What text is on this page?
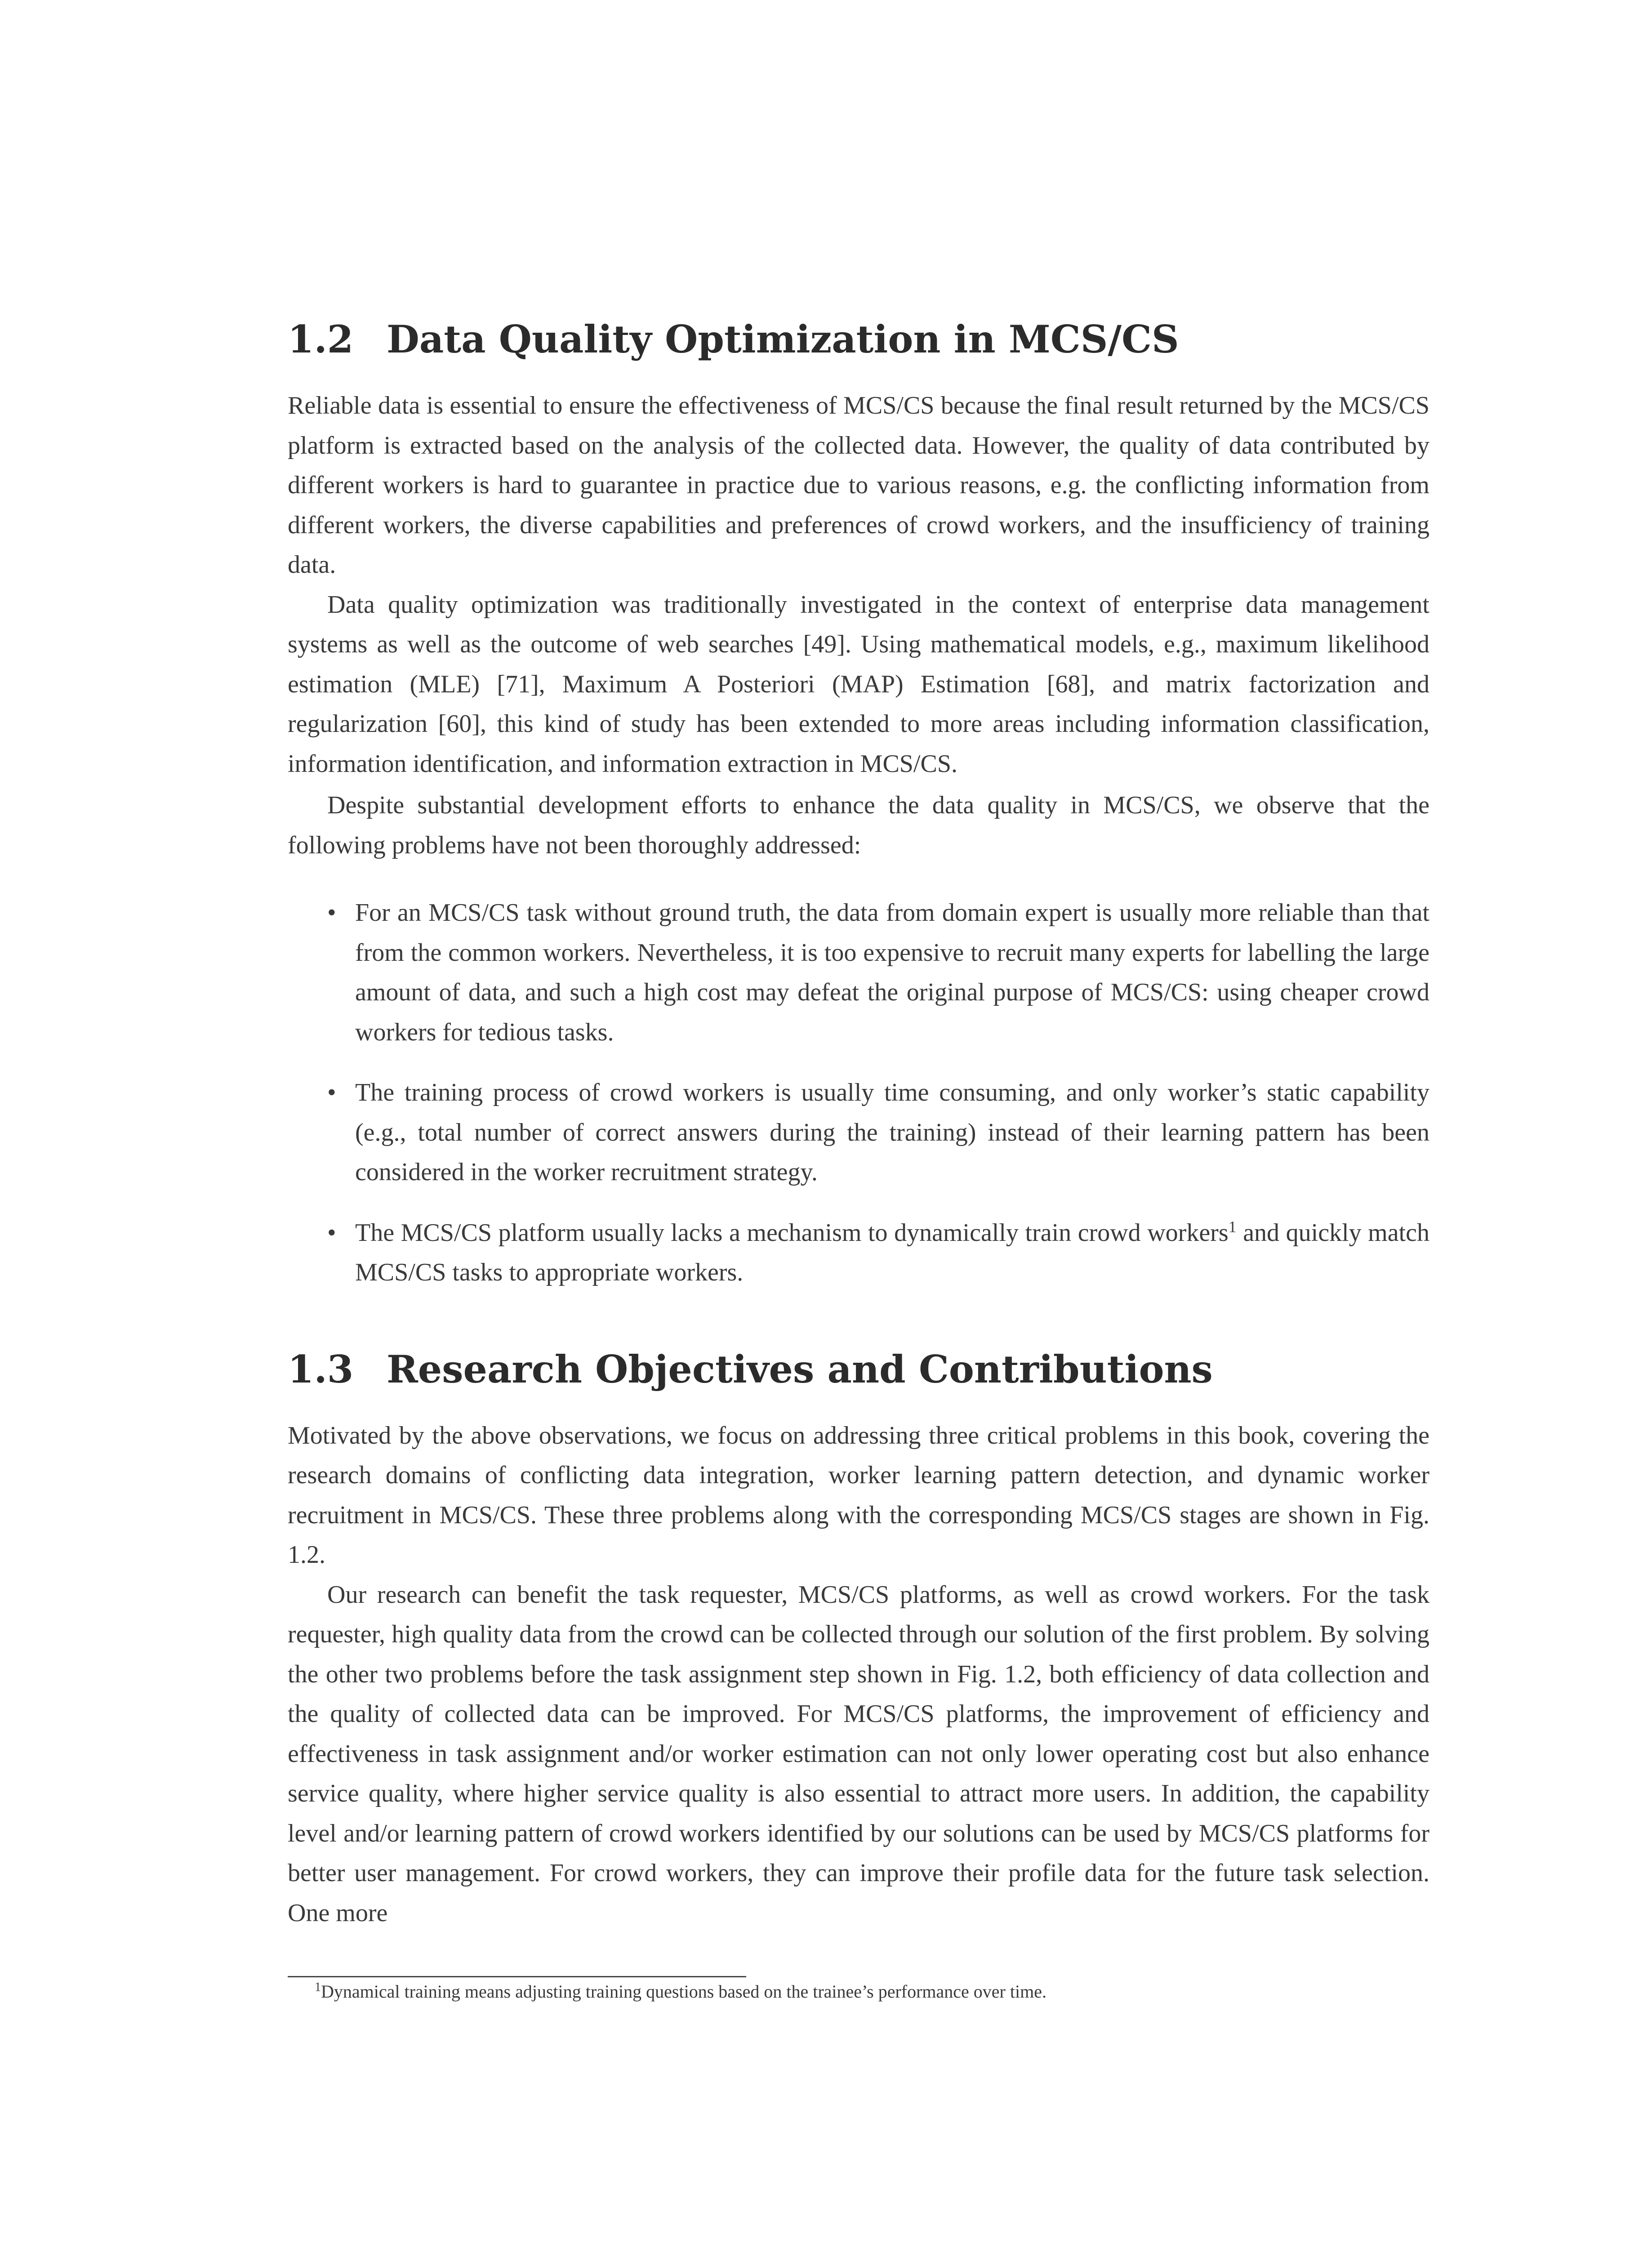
1.2 Data Quality Optimization in MCS/CS

Reliable data is essential to ensure the effectiveness of MCS/CS because the final result returned by the MCS/CS platform is extracted based on the analysis of the collected data. However, the quality of data contributed by different workers is hard to guarantee in practice due to various reasons, e.g. the conflicting information from different workers, the diverse capabilities and preferences of crowd workers, and the insufficiency of training data.

Data quality optimization was traditionally investigated in the context of enterprise data management systems as well as the outcome of web searches [49]. Using mathematical models, e.g., maximum likelihood estimation (MLE) [71], Maximum A Posteriori (MAP) Estimation [68], and matrix factorization and regularization [60], this kind of study has been extended to more areas including information classification, information identification, and information extraction in MCS/CS.

Despite substantial development efforts to enhance the data quality in MCS/CS, we observe that the following problems have not been thoroughly addressed:

• For an MCS/CS task without ground truth, the data from domain expert is usually more reliable than that from the common workers. Nevertheless, it is too expensive to recruit many experts for labelling the large amount of data, and such a high cost may defeat the original purpose of MCS/CS: using cheaper crowd workers for tedious tasks.
• The training process of crowd workers is usually time consuming, and only worker’s static capability (e.g., total number of correct answers during the training) instead of their learning pattern has been considered in the worker recruitment strategy.
• The MCS/CS platform usually lacks a mechanism to dynamically train crowd workers$^1$ and quickly match MCS/CS tasks to appropriate workers.
1.3 Research Objectives and Contributions

Motivated by the above observations, we focus on addressing three critical problems in this book, covering the research domains of conflicting data integration, worker learning pattern detection, and dynamic worker recruitment in MCS/CS. These three problems along with the corresponding MCS/CS stages are shown in Fig. 1.2.

Our research can benefit the task requester, MCS/CS platforms, as well as crowd workers. For the task requester, high quality data from the crowd can be collected through our solution of the first problem. By solving the other two problems before the task assignment step shown in Fig. 1.2, both efficiency of data collection and the quality of collected data can be improved. For MCS/CS platforms, the improvement of efficiency and effectiveness in task assignment and/or worker estimation can not only lower operating cost but also enhance service quality, where higher service quality is also essential to attract more users. In addition, the capability level and/or learning pattern of crowd workers identified by our solutions can be used by MCS/CS platforms for better user management. For crowd workers, they can improve their profile data for the future task selection. One more

$^1$Dynamical training means adjusting training questions based on the trainee’s performance over time.
